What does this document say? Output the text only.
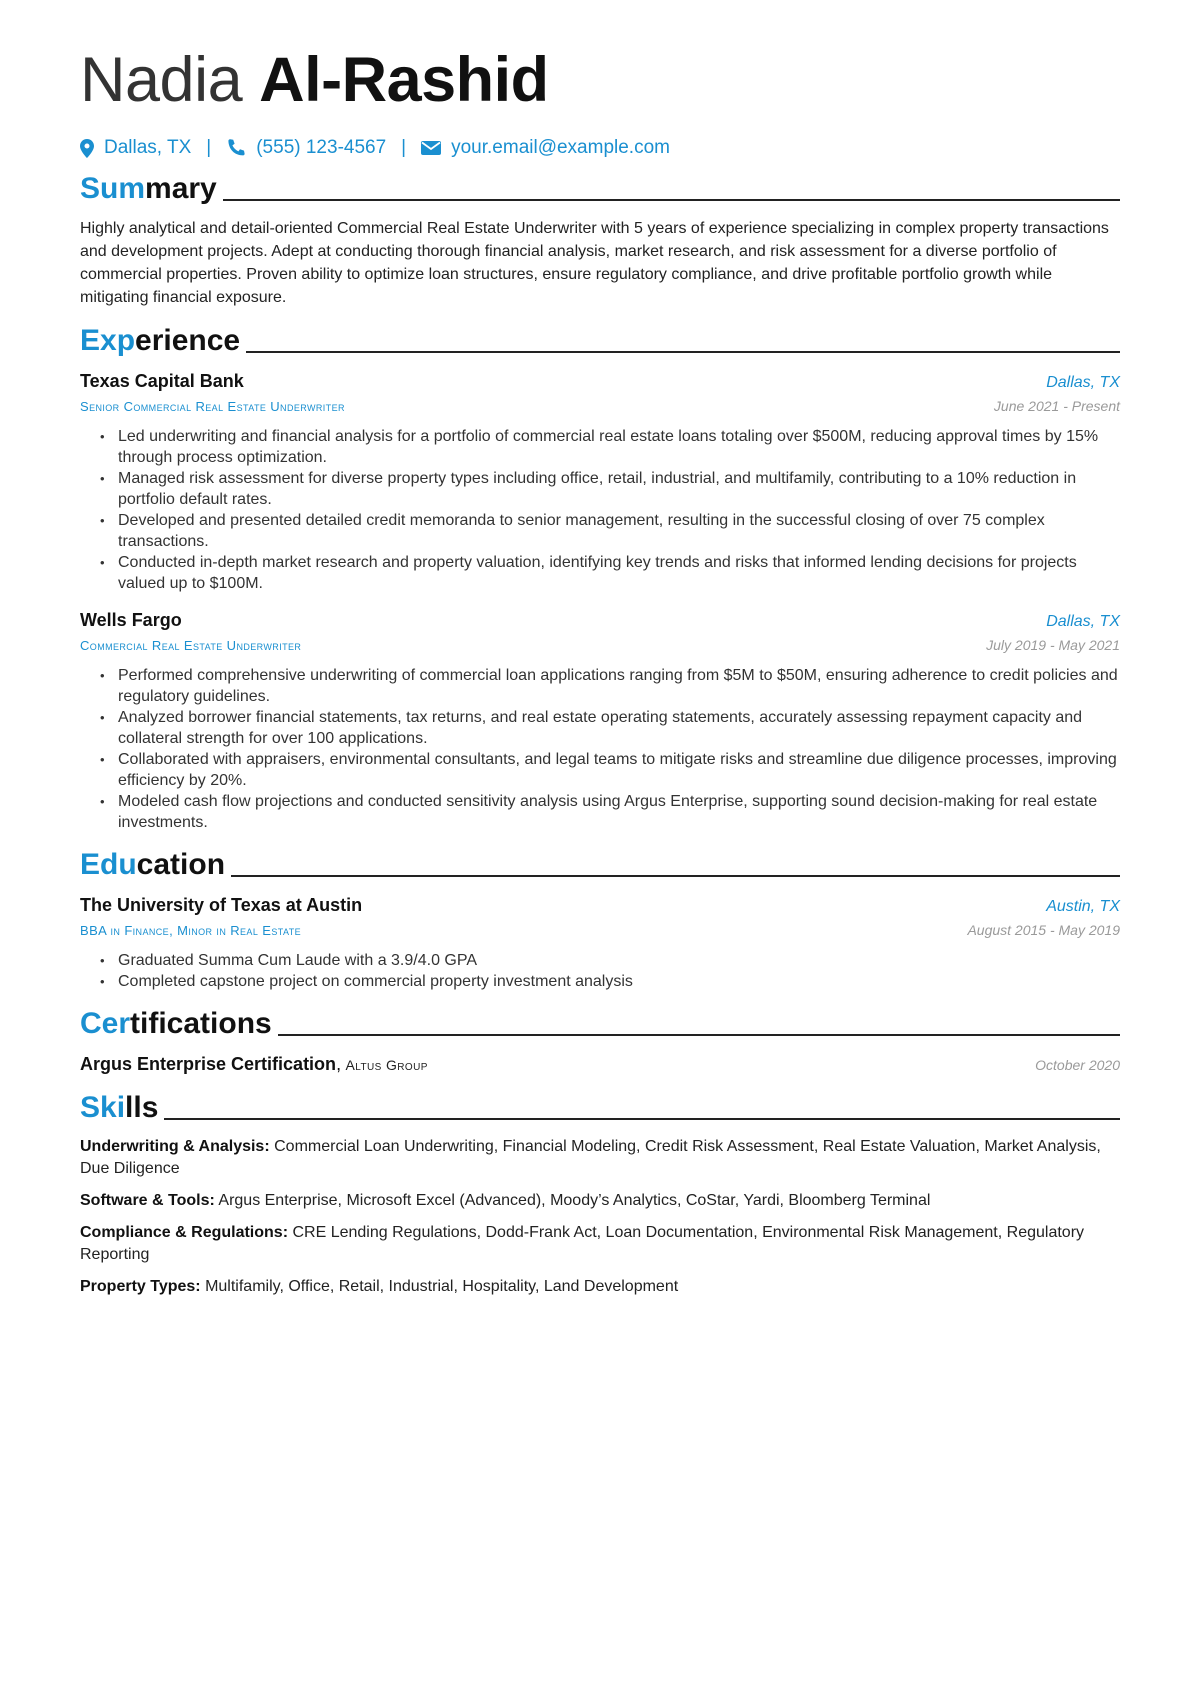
Nadia Al-Rashid
Dallas, TX | (555) 123-4567 | your.email@example.com
Summary
Highly analytical and detail-oriented Commercial Real Estate Underwriter with 5 years of experience specializing in complex property transactions and development projects. Adept at conducting thorough financial analysis, market research, and risk assessment for a diverse portfolio of commercial properties. Proven ability to optimize loan structures, ensure regulatory compliance, and drive profitable portfolio growth while mitigating financial exposure.
Experience
Texas Capital Bank	Dallas, TX
Senior Commercial Real Estate Underwriter	June 2021 - Present
• Led underwriting and financial analysis for a portfolio of commercial real estate loans totaling over $500M, reducing approval times by 15% through process optimization.
• Managed risk assessment for diverse property types including office, retail, industrial, and multifamily, contributing to a 10% reduction in portfolio default rates.
• Developed and presented detailed credit memoranda to senior management, resulting in the successful closing of over 75 complex transactions.
• Conducted in-depth market research and property valuation, identifying key trends and risks that informed lending decisions for projects valued up to $100M.
Wells Fargo	Dallas, TX
Commercial Real Estate Underwriter	July 2019 - May 2021
• Performed comprehensive underwriting of commercial loan applications ranging from $5M to $50M, ensuring adherence to credit policies and regulatory guidelines.
• Analyzed borrower financial statements, tax returns, and real estate operating statements, accurately assessing repayment capacity and collateral strength for over 100 applications.
• Collaborated with appraisers, environmental consultants, and legal teams to mitigate risks and streamline due diligence processes, improving efficiency by 20%.
• Modeled cash flow projections and conducted sensitivity analysis using Argus Enterprise, supporting sound decision-making for real estate investments.
Education
The University of Texas at Austin	Austin, TX
BBA in Finance, Minor in Real Estate	August 2015 - May 2019
• Graduated Summa Cum Laude with a 3.9/4.0 GPA
• Completed capstone project on commercial property investment analysis
Certifications
Argus Enterprise Certification, Altus Group	October 2020
Skills
Underwriting & Analysis: Commercial Loan Underwriting, Financial Modeling, Credit Risk Assessment, Real Estate Valuation, Market Analysis, Due Diligence
Software & Tools: Argus Enterprise, Microsoft Excel (Advanced), Moody’s Analytics, CoStar, Yardi, Bloomberg Terminal
Compliance & Regulations: CRE Lending Regulations, Dodd-Frank Act, Loan Documentation, Environmental Risk Management, Regulatory Reporting
Property Types: Multifamily, Office, Retail, Industrial, Hospitality, Land Development
